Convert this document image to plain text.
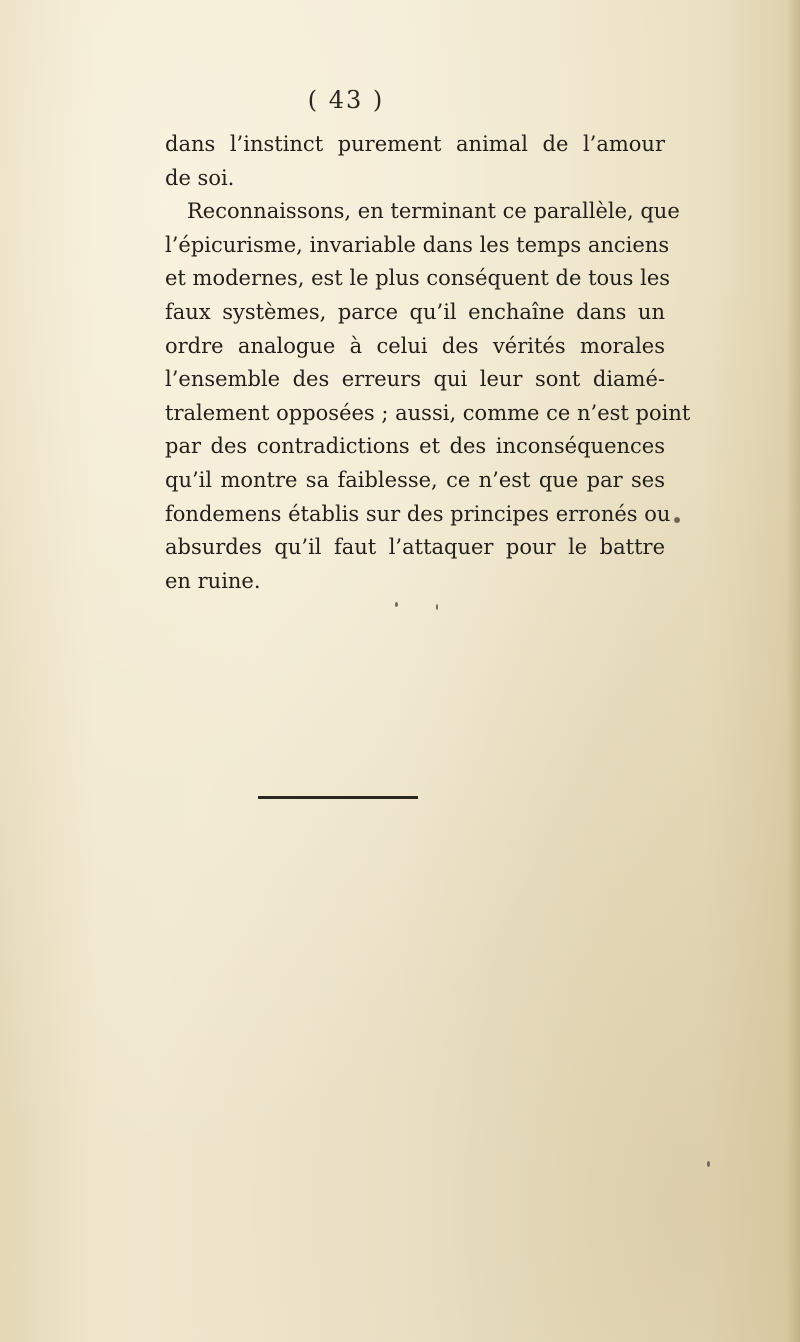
( 43 )
dans l’instinct purement animal de l’amour
de soi.
Reconnaissons, en terminant ce parallèle, que
l’épicurisme, invariable dans les temps anciens
et modernes, est le plus conséquent de tous les
faux systèmes, parce qu’il enchaîne dans un
ordre analogue à celui des vérités morales
l’ensemble des erreurs qui leur sont diamé-
tralement opposées ; aussi, comme ce n’est point
par des contradictions et des inconséquences
qu’il montre sa faiblesse, ce n’est que par ses
fondemens établis sur des principes erronés ou
absurdes qu’il faut l’attaquer pour le battre
en ruine.
